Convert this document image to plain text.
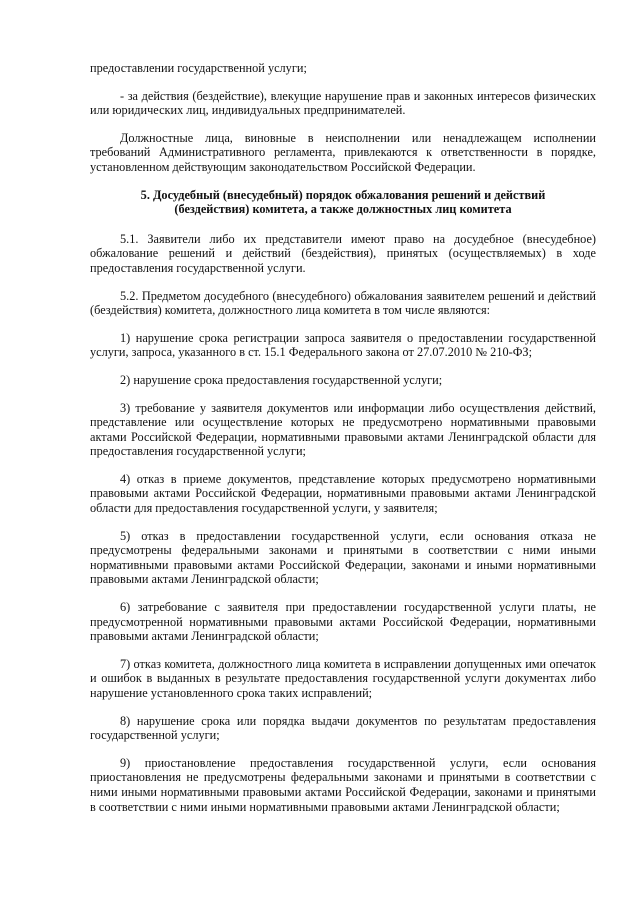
предоставлении государственной услуги;

- за действия (бездействие), влекущие нарушение прав и законных интересов физических или юридических лиц, индивидуальных предпринимателей.

Должностные лица, виновные в неисполнении или ненадлежащем исполнении требований Административного регламента, привлекаются к ответственности в порядке, установленном действующим законодательством Российской Федерации.

5. Досудебный (внесудебный) порядок обжалования решений и действий (бездействия) комитета, а также должностных лиц комитета

5.1. Заявители либо их представители имеют право на досудебное (внесудебное) обжалование решений и действий (бездействия), принятых (осуществляемых) в ходе предоставления государственной услуги.

5.2. Предметом досудебного (внесудебного) обжалования заявителем решений и действий (бездействия) комитета, должностного лица комитета в том числе являются:

1) нарушение срока регистрации запроса заявителя о предоставлении государственной услуги, запроса, указанного в ст. 15.1 Федерального закона от 27.07.2010 № 210-ФЗ;

2) нарушение срока предоставления государственной услуги;

3) требование у заявителя документов или информации либо осуществления действий, представление или осуществление которых не предусмотрено нормативными правовыми актами Российской Федерации, нормативными правовыми актами Ленинградской области для предоставления государственной услуги;

4) отказ в приеме документов, представление которых предусмотрено нормативными правовыми актами Российской Федерации, нормативными правовыми актами Ленинградской области для предоставления государственной услуги, у заявителя;

5) отказ в предоставлении государственной услуги, если основания отказа не предусмотрены федеральными законами и принятыми в соответствии с ними иными нормативными правовыми актами Российской Федерации, законами и иными нормативными правовыми актами Ленинградской области;

6) затребование с заявителя при предоставлении государственной услуги платы, не предусмотренной нормативными правовыми актами Российской Федерации, нормативными правовыми актами Ленинградской области;

7) отказ комитета, должностного лица комитета в исправлении допущенных ими опечаток и ошибок в выданных в результате предоставления государственной услуги документах либо нарушение установленного срока таких исправлений;

8) нарушение срока или порядка выдачи документов по результатам предоставления государственной услуги;

9) приостановление предоставления государственной услуги, если основания приостановления не предусмотрены федеральными законами и принятыми в соответствии с ними иными нормативными правовыми актами Российской Федерации, законами и принятыми в соответствии с ними иными нормативными правовыми актами Ленинградской области;
